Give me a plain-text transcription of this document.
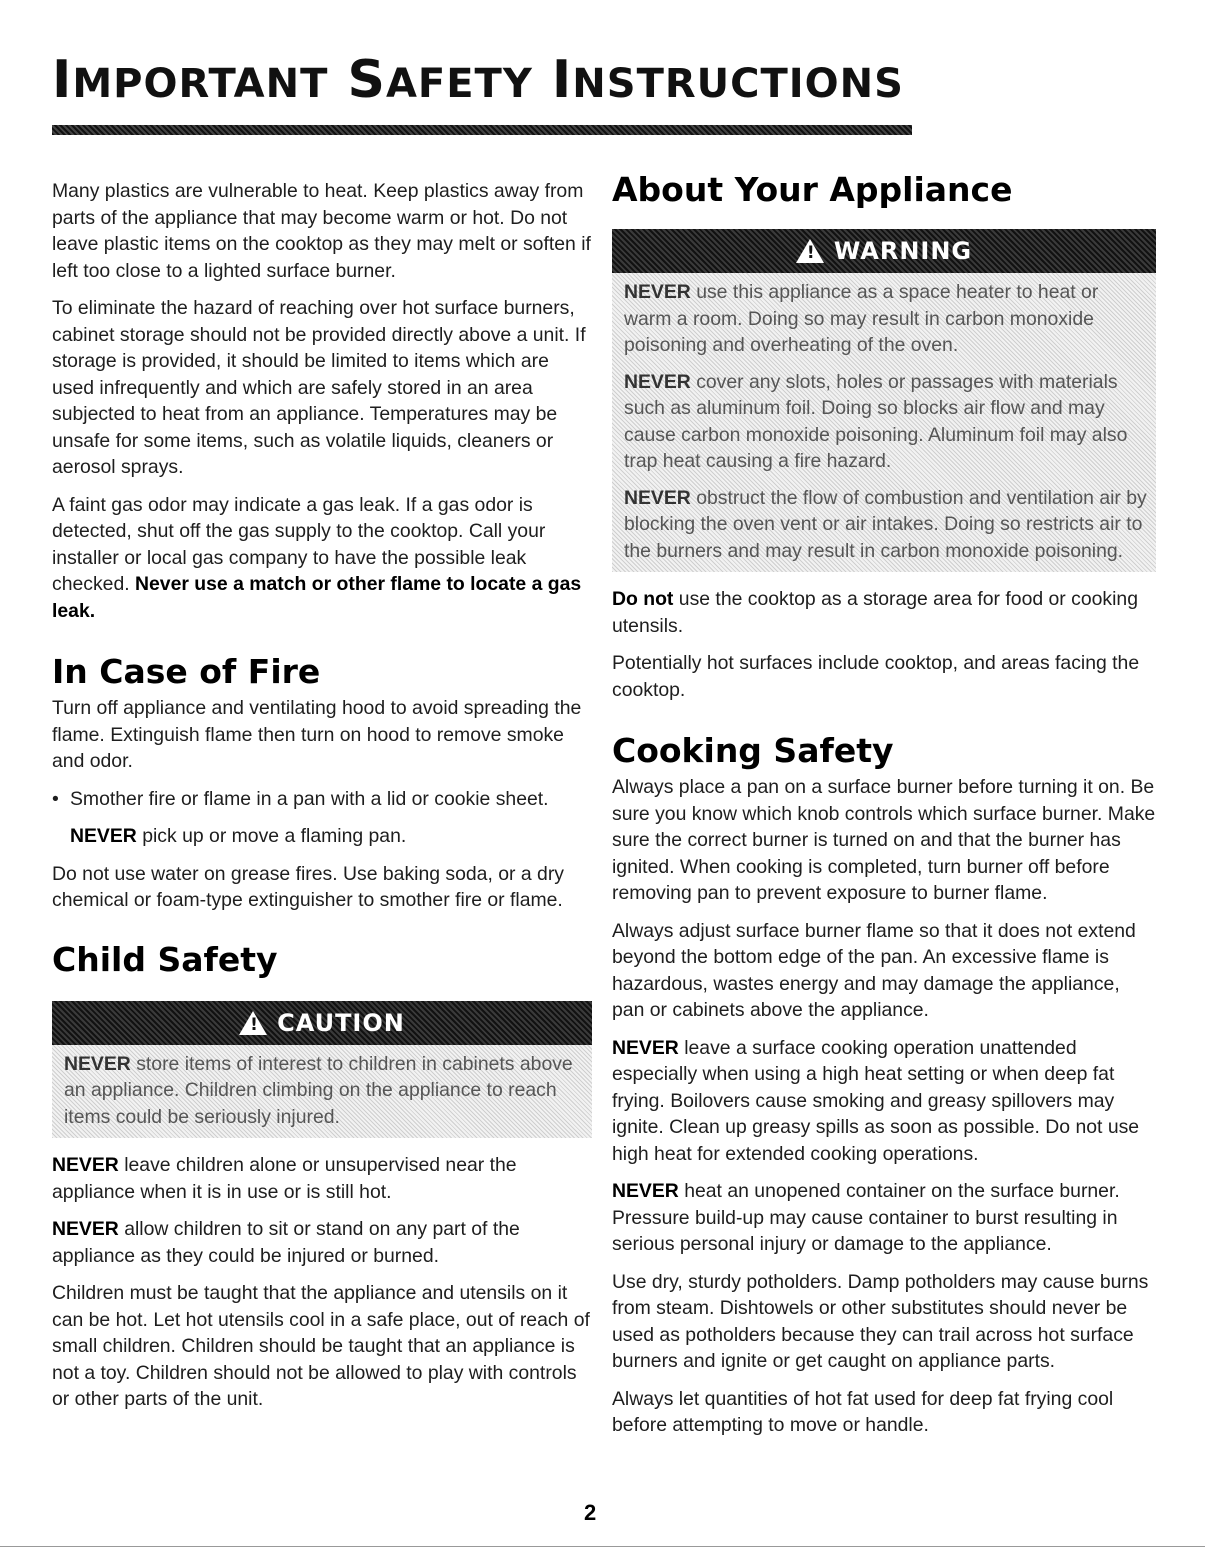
IMPORTANT SAFETY INSTRUCTIONS

Many plastics are vulnerable to heat. Keep plastics away from parts of the appliance that may become warm or hot. Do not leave plastic items on the cooktop as they may melt or soften if left too close to a lighted surface burner.

To eliminate the hazard of reaching over hot surface burners, cabinet storage should not be provided directly above a unit. If storage is provided, it should be limited to items which are used infrequently and which are safely stored in an area subjected to heat from an appliance. Temperatures may be unsafe for some items, such as volatile liquids, cleaners or aerosol sprays.

A faint gas odor may indicate a gas leak. If a gas odor is detected, shut off the gas supply to the cooktop. Call your installer or local gas company to have the possible leak checked. Never use a match or other flame to locate a gas leak.

In Case of Fire

Turn off appliance and ventilating hood to avoid spreading the flame. Extinguish flame then turn on hood to remove smoke and odor.

• Smother fire or flame in a pan with a lid or cookie sheet.

NEVER pick up or move a flaming pan.

Do not use water on grease fires. Use baking soda, or a dry chemical or foam-type extinguisher to smother fire or flame.

Child Safety
! CAUTION

NEVER store items of interest to children in cabinets above an appliance. Children climbing on the appliance to reach items could be seriously injured.

NEVER leave children alone or unsupervised near the appliance when it is in use or is still hot.

NEVER allow children to sit or stand on any part of the appliance as they could be injured or burned.

Children must be taught that the appliance and utensils on it can be hot. Let hot utensils cool in a safe place, out of reach of small children. Children should be taught that an appliance is not a toy. Children should not be allowed to play with controls or other parts of the unit.

About Your Appliance
! WARNING

NEVER use this appliance as a space heater to heat or warm a room. Doing so may result in carbon monoxide poisoning and overheating of the oven.

NEVER cover any slots, holes or passages with materials such as aluminum foil. Doing so blocks air flow and may cause carbon monoxide poisoning. Aluminum foil may also trap heat causing a fire hazard.

NEVER obstruct the flow of combustion and ventilation air by blocking the oven vent or air intakes. Doing so restricts air to the burners and may result in carbon monoxide poisoning.

Do not use the cooktop as a storage area for food or cooking utensils.

Potentially hot surfaces include cooktop, and areas facing the cooktop.

Cooking Safety

Always place a pan on a surface burner before turning it on. Be sure you know which knob controls which surface burner. Make sure the correct burner is turned on and that the burner has ignited. When cooking is completed, turn burner off before removing pan to prevent exposure to burner flame.

Always adjust surface burner flame so that it does not extend beyond the bottom edge of the pan. An excessive flame is hazardous, wastes energy and may damage the appliance, pan or cabinets above the appliance.

NEVER leave a surface cooking operation unattended especially when using a high heat setting or when deep fat frying. Boilovers cause smoking and greasy spillovers may ignite. Clean up greasy spills as soon as possible. Do not use high heat for extended cooking operations.

NEVER heat an unopened container on the surface burner. Pressure build-up may cause container to burst resulting in serious personal injury or damage to the appliance.

Use dry, sturdy potholders. Damp potholders may cause burns from steam. Dishtowels or other substitutes should never be used as potholders because they can trail across hot surface burners and ignite or get caught on appliance parts.

Always let quantities of hot fat used for deep fat frying cool before attempting to move or handle.

2
